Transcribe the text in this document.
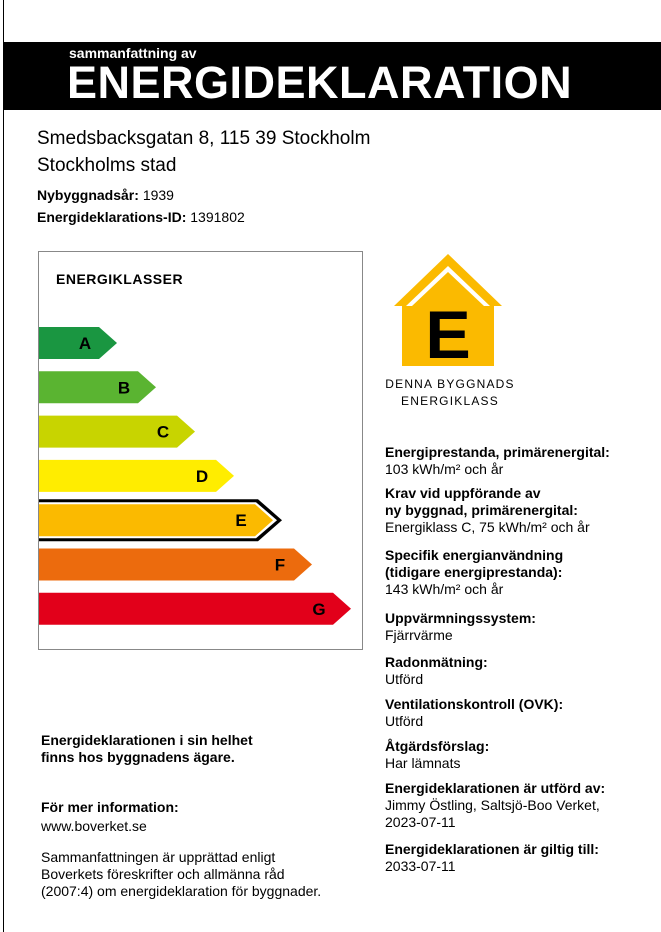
sammanfattning av
ENERGIDEKLARATION
Smedsbacksgatan 8, 115 39 Stockholm
Stockholms stad
Nybyggnadsår: 1939
Energideklarations-ID: 1391802
ENERGIKLASSER
A
B
C
D
E
F
G
E
DENNA BYGGNADS
ENERGIKLASS
Energiprestanda, primärenergital:
103 kWh/m² och år
Krav vid uppförande av
ny byggnad, primärenergital:
Energiklass C, 75 kWh/m² och år
Specifik energianvändning
(tidigare energiprestanda):
143 kWh/m² och år
Uppvärmningssystem:
Fjärrvärme
Radonmätning:
Utförd
Ventilationskontroll (OVK):
Utförd
Åtgärdsförslag:
Har lämnats
Energideklarationen är utförd av:
Jimmy Östling, Saltsjö-Boo Verket,
2023-07-11
Energideklarationen är giltig till:
2033-07-11
Energideklarationen i sin helhet
finns hos byggnadens ägare.
För mer information:
www.boverket.se
Sammanfattningen är upprättad enligt
Boverkets föreskrifter och allmänna råd
(2007:4) om energideklaration för byggnader.
